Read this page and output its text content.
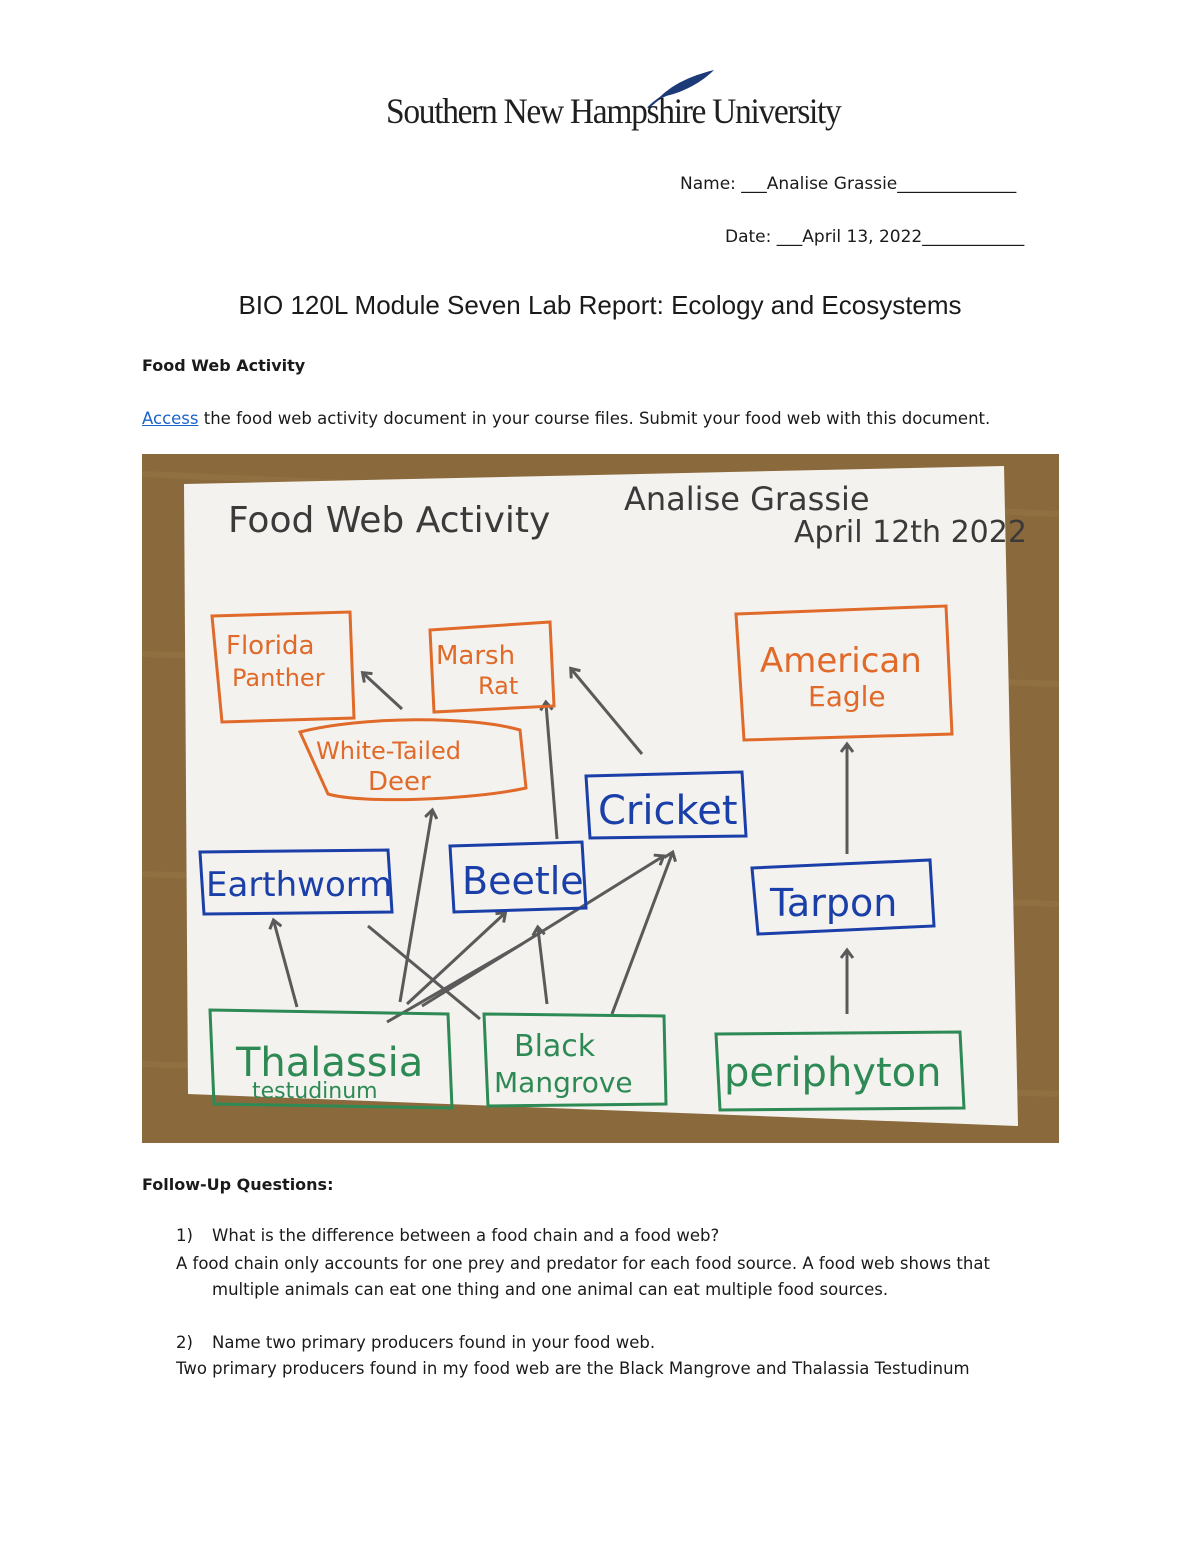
Southern New Hampshire University
Name: ___Analise Grassie______________
Date: ___April 13, 2022____________
BIO 120L Module Seven Lab Report: Ecology and Ecosystems
Food Web Activity
Access the food web activity document in your course files. Submit your food web with this document.
Food Web Activity
Analise Grassie
April 12th 2022
Florida
Panther
Marsh
Rat
American
Eagle
White-Tailed
Deer
Cricket
Earthworm Beetle	Tarpon
Thalassia
testudinum
Black
Mangrove periphyton
Follow-Up Questions:
1) What is the difference between a food chain and a food web?
A food chain only accounts for one prey and predator for each food source. A food web shows that
multiple animals can eat one thing and one animal can eat multiple food sources.
2) Name two primary producers found in your food web.
Two primary producers found in my food web are the Black Mangrove and Thalassia Testudinum
